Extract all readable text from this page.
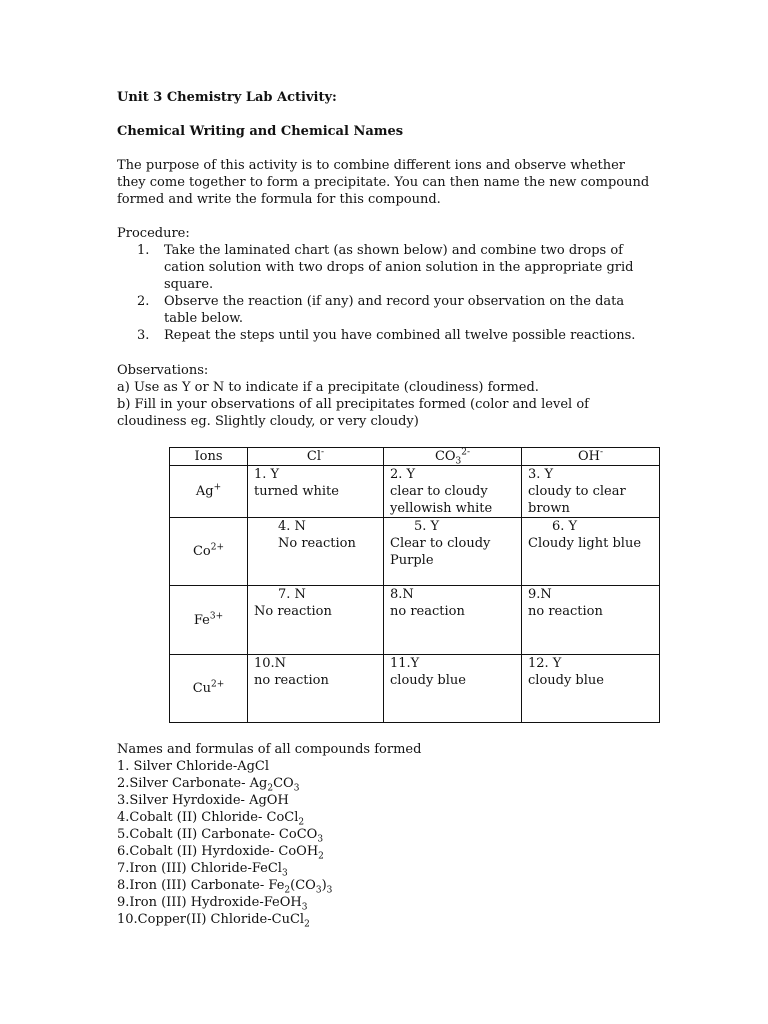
Unit 3 Chemistry Lab Activity:
Chemical Writing and Chemical Names
The purpose of this activity is to combine different ions and observe whether
they come together to form a precipitate. You can then name the new compound
formed and write the formula for this compound.
Procedure:
1. Take the laminated chart (as shown below) and combine two drops of
cation solution with two drops of anion solution in the appropriate grid
square.
2. Observe the reaction (if any) and record your observation on the data
table below.
3. Repeat the steps until you have combined all twelve possible reactions.
Observations:
a) Use as Y or N to indicate if a precipitate (cloudiness) formed.
b) Fill in your observations of all precipitates formed (color and level of
cloudiness eg. Slightly cloudy, or very cloudy)
Ions	Cl-	$CO_3^{2-}$	OH-
Ag+	1. Y
turned white	2. Y
clear to cloudy
yellowish white	3. Y
cloudy to clear
brown

$Co^{2+}$	4. N
No reaction	5. Y
Clear to cloudy
Purple	6. Y
Cloudy light blue

$Fe^{3+}$	7. N
No reaction	8.N
no reaction	9.N
no reaction

$Cu^{2+}$	10.N
no reaction	11.Y
cloudy blue	12. Y
cloudy blue
Names and formulas of all compounds formed
1. Silver Chloride-AgCl
2.Silver Carbonate- $Ag_2CO_3$
3.Silver Hyrdoxide- AgOH
4.Cobalt (II) Chloride- CoCl$_2$
5.Cobalt (II) Carbonate- CoCO$_3$
6.Cobalt (II) Hyrdoxide- CoOH$_2$
7.Iron (III) Chloride-FeCl$_3$
8.Iron (III) Carbonate- $Fe_2(CO_3)_3$
9.Iron (III) Hydroxide-FeOH$_3$
10.Copper(II) Chloride-CuCl$_2$
